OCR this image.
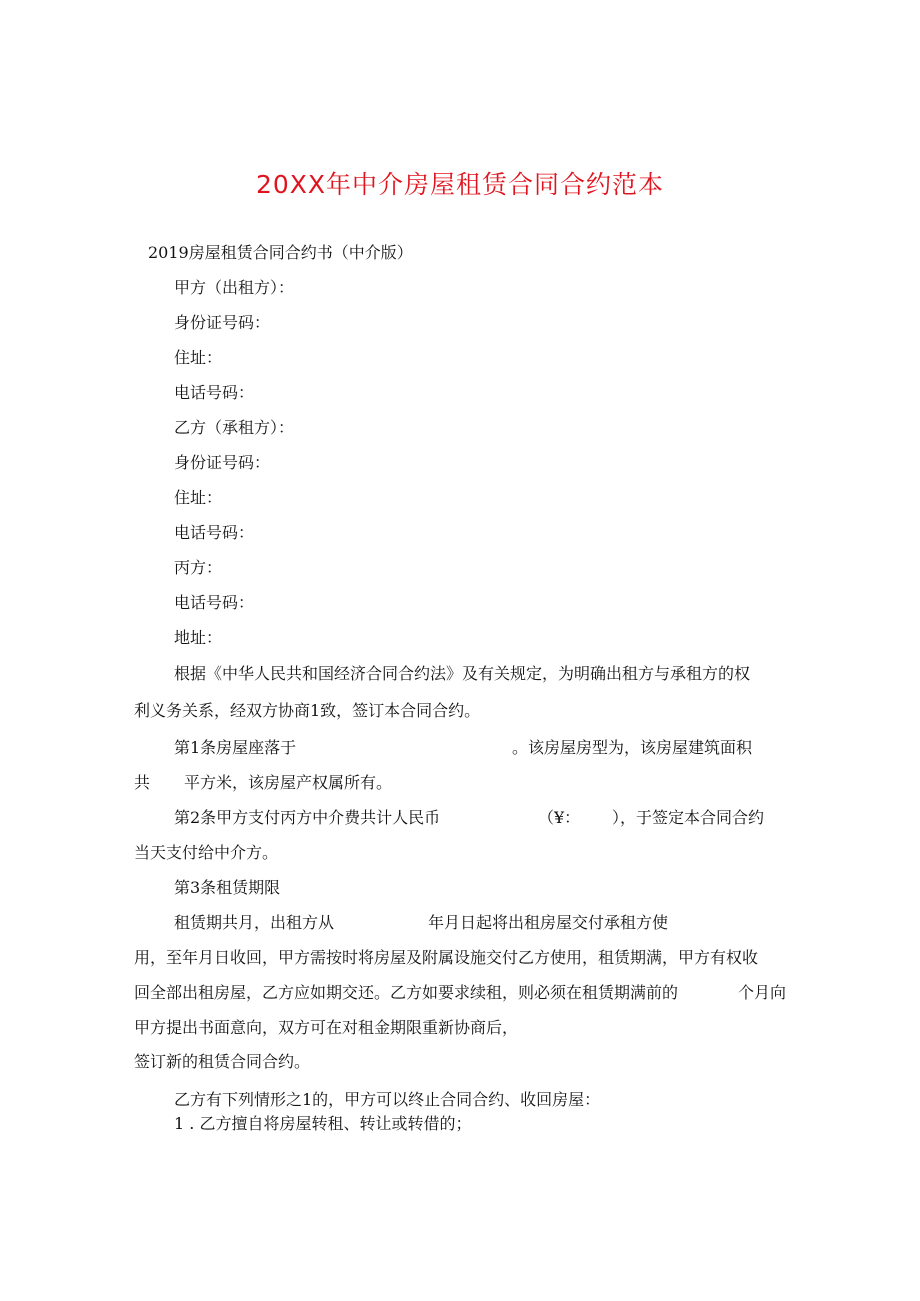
20XX年中介房屋租赁合同合约范本
2019房屋租赁合同合约书（中介版）
甲方（出租方）：
身份证号码：
住址：
电话号码：
乙方（承租方）：
身份证号码：
住址：
电话号码：
丙方：
电话号码：
地址：
根据《中华人民共和国经济合同合约法》及有关规定，为明确出租方与承租方的权
利义务关系，经双方协商1致，签订本合同合约。
第1条房屋座落于	。该房屋房型为，该房屋建筑面积
共 平方米，该房屋产权属所有。
第2条甲方支付丙方中介费共计人民币	（¥： ），于签定本合同合约
当天支付给中介方。
第3条租赁期限
租赁期共月，出租方从	年月日起将出租房屋交付承租方使
用，至年月日收回，甲方需按时将房屋及附属设施交付乙方使用，租赁期满，甲方有权收
回全部出租房屋，乙方应如期交还。乙方如要求续租，则必须在租赁期满前的	个月向
甲方提出书面意向，双方可在对租金期限重新协商后，
签订新的租赁合同合约。
乙方有下列情形之1的，甲方可以终止合同合约、收回房屋：
1 . 乙方擅自将房屋转租、转让或转借的；
